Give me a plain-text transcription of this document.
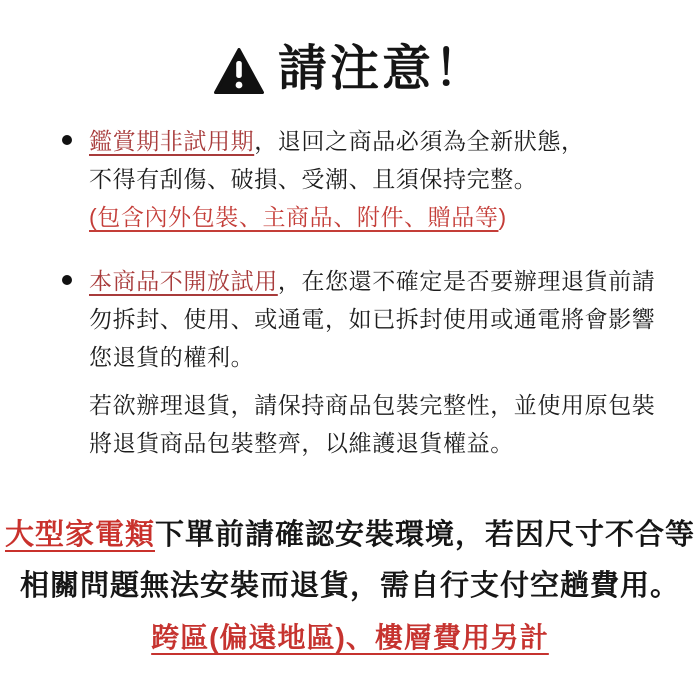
請注意！

鑑賞期非試用期，退回之商品必須為全新狀態，

不得有刮傷、破損、受潮、且須保持完整。

(包含內外包裝、主商品、附件、贈品等)

本商品不開放試用，在您還不確定是否要辦理退貨前請

勿拆封、使用、或通電，如已拆封使用或通電將會影響

您退貨的權利。

若欲辦理退貨，請保持商品包裝完整性，並使用原包裝

將退貨商品包裝整齊，以維護退貨權益。

大型家電類下單前請確認安裝環境，若因尺寸不合等

相關問題無法安裝而退貨，需自行支付空趟費用。

跨區(偏遠地區)、樓層費用另計
